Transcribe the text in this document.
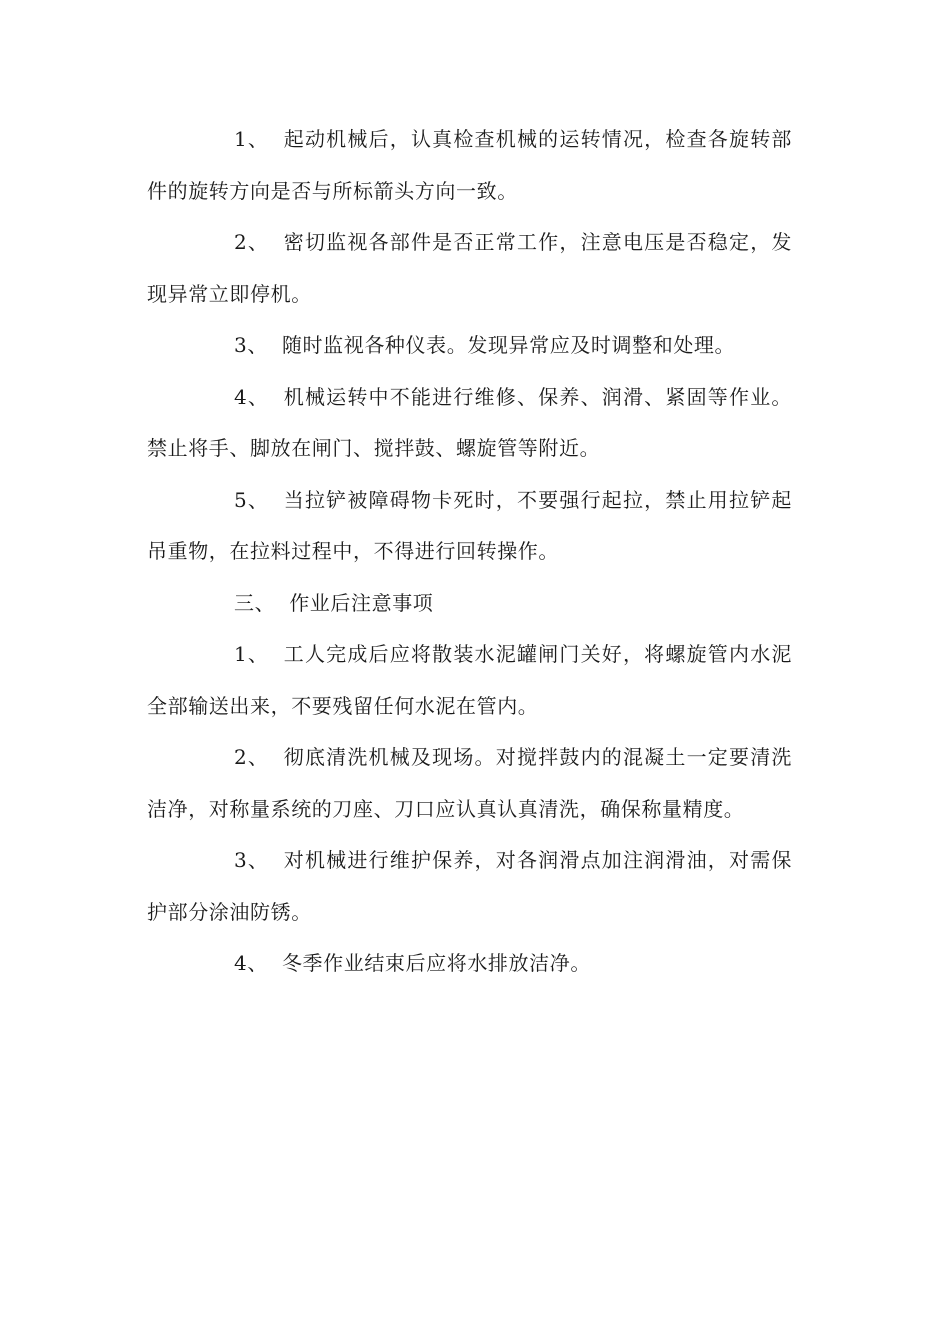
1、 起动机械后，认真检查机械的运转情况，检查各旋转部件的旋转方向是否与所标箭头方向一致。

2、 密切监视各部件是否正常工作，注意电压是否稳定，发现异常立即停机。

3、 随时监视各种仪表。发现异常应及时调整和处理。

4、 机械运转中不能进行维修、保养、润滑、紧固等作业。禁止将手、脚放在闸门、搅拌鼓、螺旋管等附近。

5、 当拉铲被障碍物卡死时，不要强行起拉，禁止用拉铲起吊重物，在拉料过程中，不得进行回转操作。

三、 作业后注意事项

1、 工人完成后应将散装水泥罐闸门关好，将螺旋管内水泥全部输送出来，不要残留任何水泥在管内。

2、 彻底清洗机械及现场。对搅拌鼓内的混凝土一定要清洗洁净，对称量系统的刀座、刀口应认真认真清洗，确保称量精度。

3、 对机械进行维护保养，对各润滑点加注润滑油，对需保护部分涂油防锈。

4、 冬季作业结束后应将水排放洁净。
